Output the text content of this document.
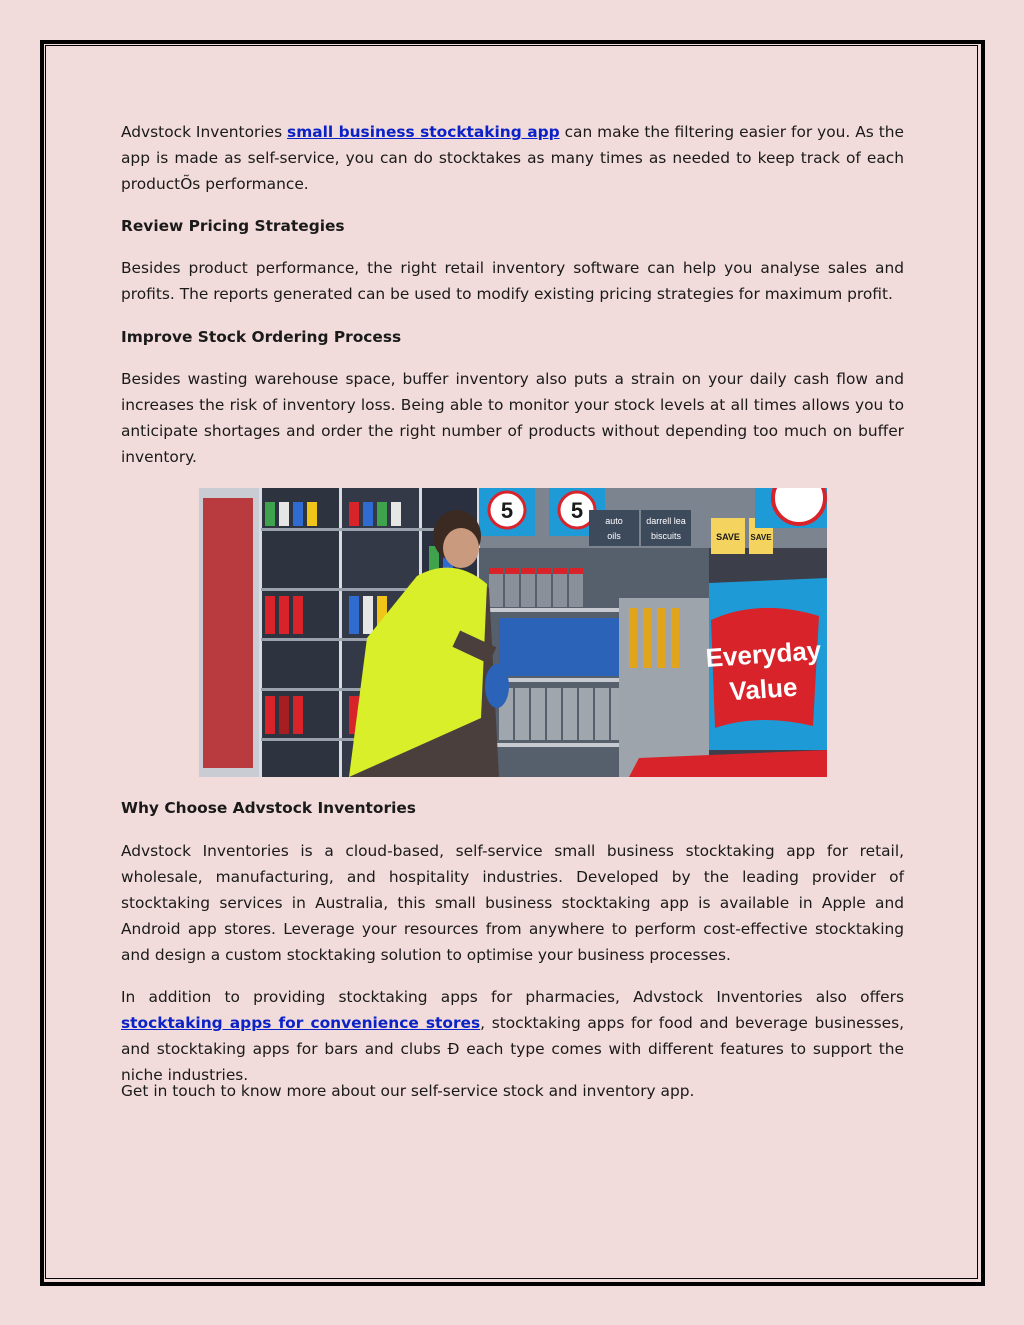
Advstock Inventories small business stocktaking app can make the filtering easier for you. As the app is made as self-service, you can do stocktakes as many times as needed to keep track of each productÕs performance.

Review Pricing Strategies

Besides product performance, the right retail inventory software can help you analyse sales and profits. The reports generated can be used to modify existing pricing strategies for maximum profit.

Improve Stock Ordering Process

Besides wasting warehouse space, buffer inventory also puts a strain on your daily cash flow and increases the risk of inventory loss. Being able to monitor your stock levels at all times allows you to anticipate shortages and order the right number of products without depending too much on buffer inventory.

Why Choose Advstock Inventories

Advstock Inventories is a cloud-based, self-service small business stocktaking app for retail, wholesale, manufacturing, and hospitality industries. Developed by the leading provider of stocktaking services in Australia, this small business stocktaking app is available in Apple and Android app stores. Leverage your resources from anywhere to perform cost-effective stocktaking and design a custom stocktaking solution to optimise your business processes.

In addition to providing stocktaking apps for pharmacies, Advstock Inventories also offers stocktaking apps for convenience stores, stocktaking apps for food and beverage businesses, and stocktaking apps for bars and clubs Ð each type comes with different features to support the niche industries.

Get in touch to know more about our self-service stock and inventory app.

5	5 auto
oils
darrell lea
biscuits	SAVE SAVE
Everyday
Value
